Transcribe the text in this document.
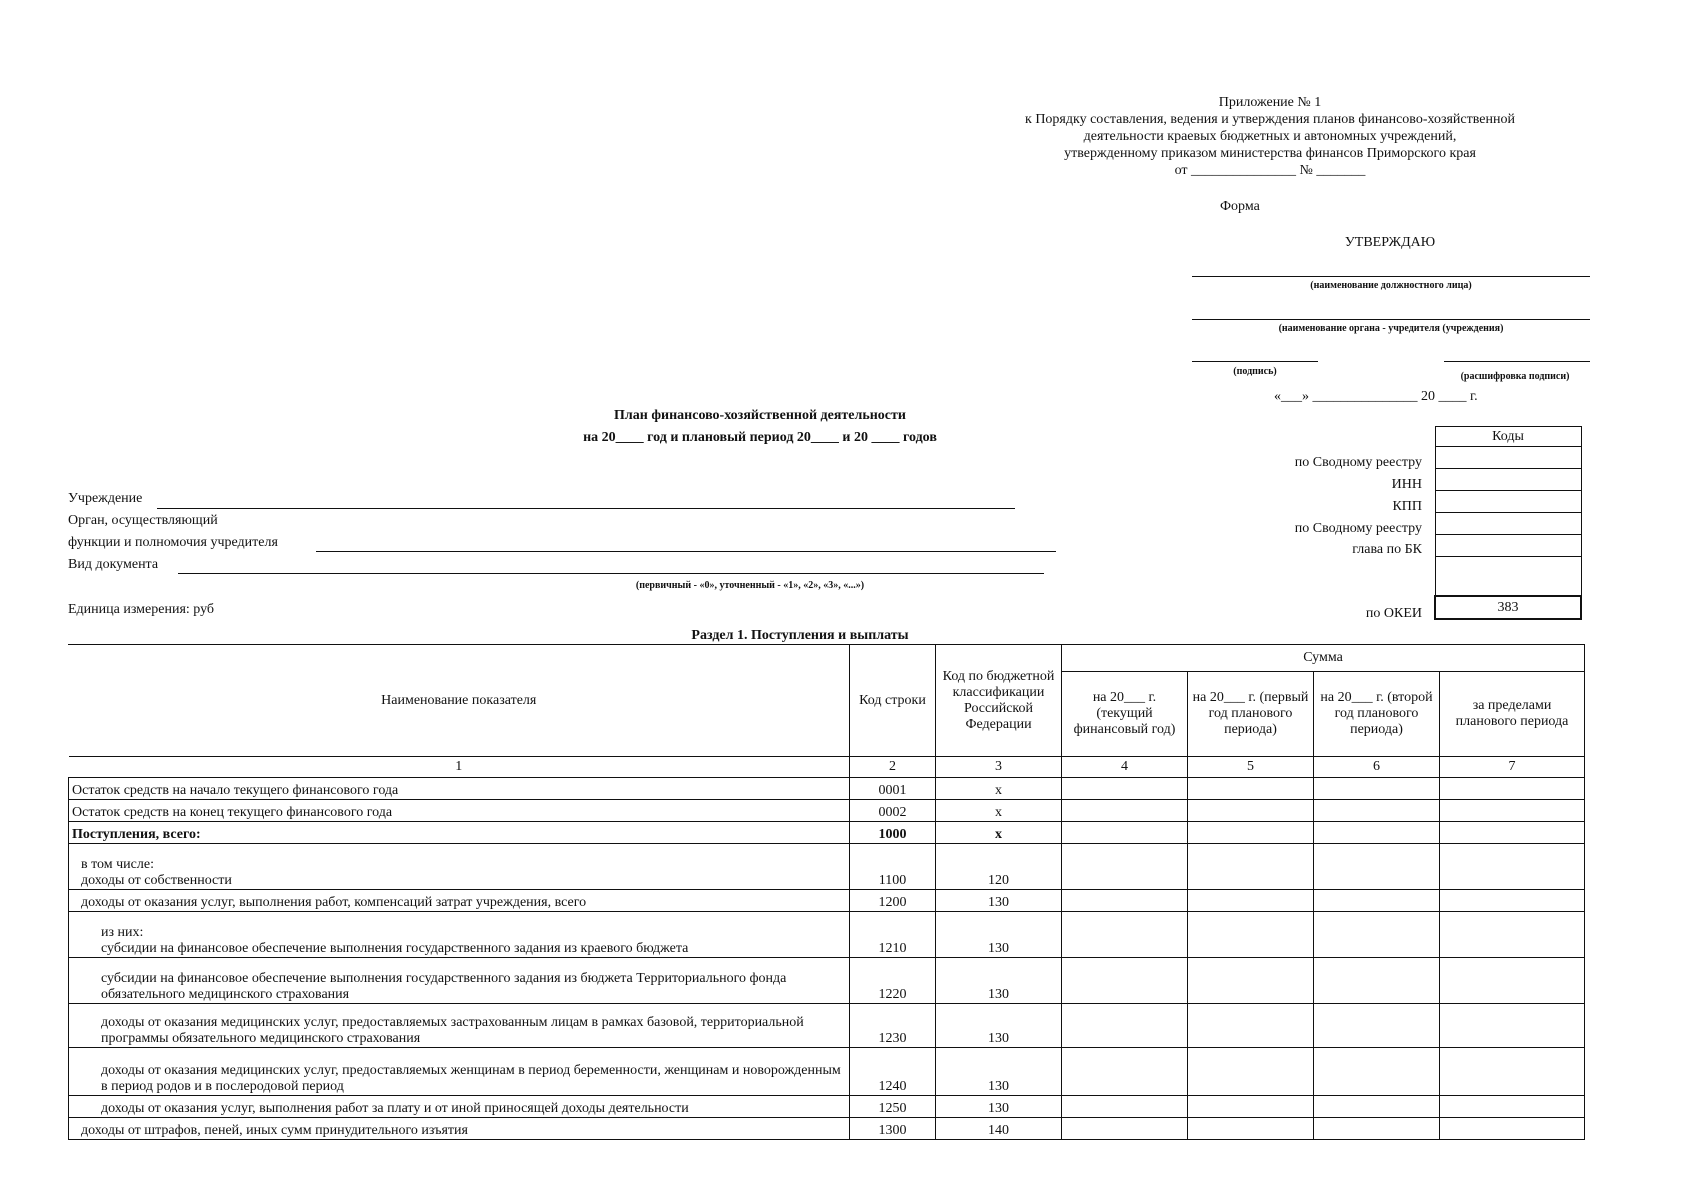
Приложение № 1
к Порядку составления, ведения и утверждения планов финансово-хозяйственной
деятельности краевых бюджетных и автономных учреждений,
утвержденному приказом министерства финансов Приморского края
от _______________ № _______
Форма
УТВЕРЖДАЮ
(наименование должностного лица)
(наименование органа - учредителя (учреждения)
(подпись)	(расшифровка подписи)
«___» _______________ 20 ____ г.
План финансово-хозяйственной деятельности
на 20____ год и плановый период 20____ и 20 ____ годов
Учреждение
Орган, осуществляющий
функции и полномочия учредителя
Вид документа
(первичный - «0», уточненный - «1», «2», «3», «...»)
Единица измерения: руб
по Сводному реестру
ИНН
КПП
по Сводному реестру
глава по БК
по ОКЕИ
Коды

383
Раздел 1. Поступления и выплаты
Наименование показателя	Код строки	Код по бюджетной классификации Российской Федерации	Сумма			
			на 20___ г. (текущий финансовый год)	на 20___ г. (первый год планового периода)	на 20___ г. (второй год планового периода)	за пределами планового периода
1	2	3	4	5	6	7
Остаток средств на начало текущего финансового года	0001	x				
Остаток средств на конец текущего финансового года	0002	x				
Поступления, всего:	1000	x				

в том числе:
доходы от собственности	1100	120				
доходы от оказания услуг, выполнения работ, компенсаций затрат учреждения, всего	1200	130				

из них:
субсидии на финансовое обеспечение выполнения государственного задания из краевого бюджета	1210	130				
субсидии на финансовое обеспечение выполнения государственного задания из бюджета Территориального фонда обязательного медицинского страхования	1220	130				
доходы от оказания медицинских услуг, предоставляемых застрахованным лицам в рамках базовой, территориальной программы обязательного медицинского страхования	1230	130				
доходы от оказания медицинских услуг, предоставляемых женщинам в период беременности, женщинам и новорожденным в период родов и в послеродовой период	1240	130				
доходы от оказания услуг, выполнения работ за плату и от иной приносящей доходы деятельности	1250	130				
доходы от штрафов, пеней, иных сумм принудительного изъятия	1300	140				
